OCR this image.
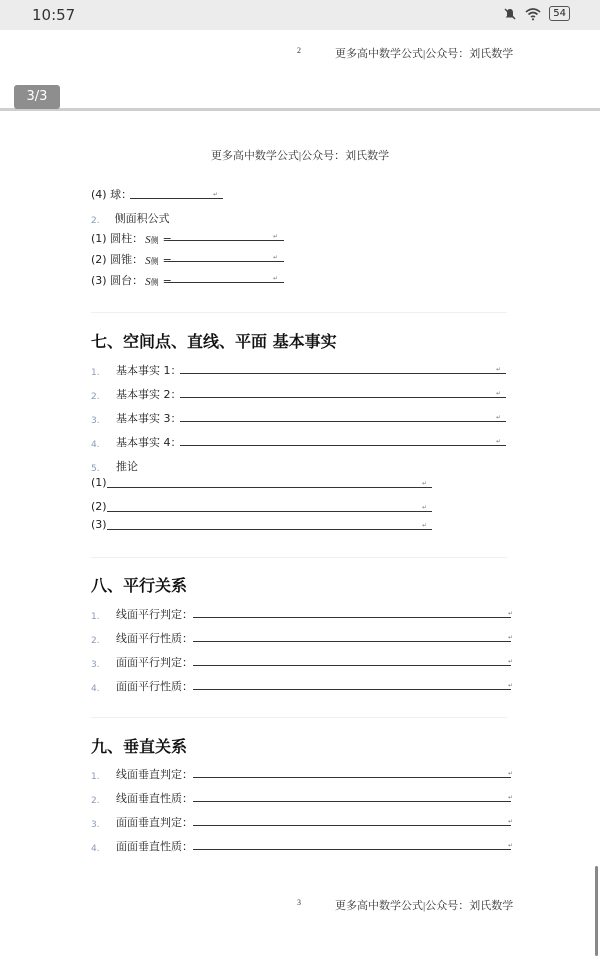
10:57	54
2	更多高中数学公式|公众号：刘氏数学
3/3
更多高中数学公式|公众号：刘氏数学
(4) 球：	↵
2. 侧面积公式
(1) 圆柱： S侧 =	↵
(2) 圆锥： S侧 =	↵
(3) 圆台： S侧 =	↵
七、空间点、直线、平面 基本事实
1.	基本事实 1：	↵
2.	基本事实 2：	↵
3.	基本事实 3：	↵
4.	基本事实 4：	↵
5.	推论
(1)	↵
(2)	↵
(3)	↵
八、平行关系
1.	线面平行判定：	↵
2.	线面平行性质：	↵
3.	面面平行判定：	↵
4.	面面平行性质：	↵
九、垂直关系
1.	线面垂直判定：	↵
2.	线面垂直性质：	↵
3.	面面垂直判定：	↵
4.	面面垂直性质：	↵
3	更多高中数学公式|公众号：刘氏数学
